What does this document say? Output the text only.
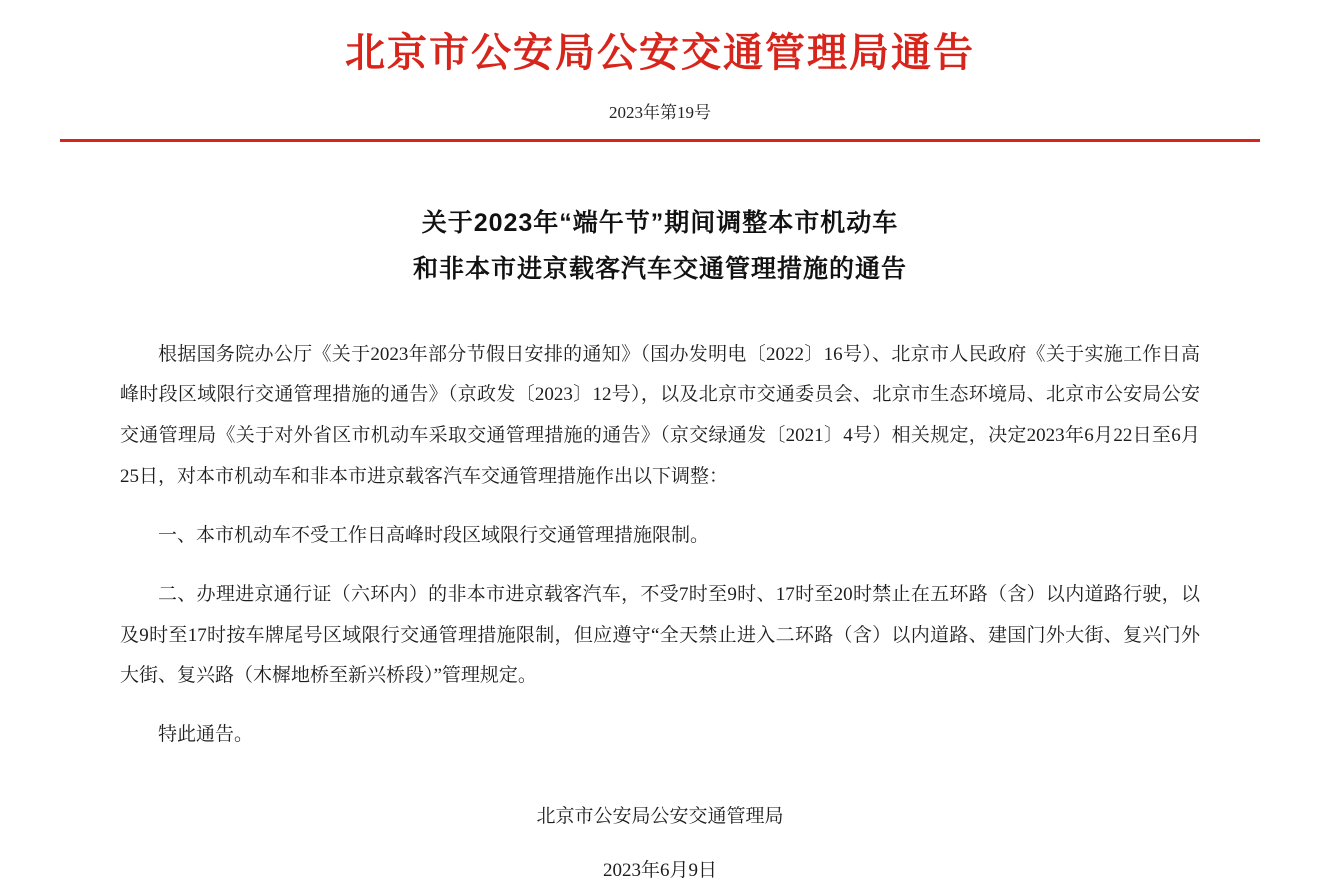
北京市公安局公安交通管理局通告
2023年第19号
关于2023年“端午节”期间调整本市机动车
和非本市进京载客汽车交通管理措施的通告

根据国务院办公厅《关于2023年部分节假日安排的通知》（国办发明电〔2022〕16号）、北京市人民政府《关于实施工作日高峰时段区域限行交通管理措施的通告》（京政发〔2023〕12号），以及北京市交通委员会、北京市生态环境局、北京市公安局公安交通管理局《关于对外省区市机动车采取交通管理措施的通告》（京交绿通发〔2021〕4号）相关规定，决定2023年6月22日至6月25日，对本市机动车和非本市进京载客汽车交通管理措施作出以下调整：

一、本市机动车不受工作日高峰时段区域限行交通管理措施限制。

二、办理进京通行证（六环内）的非本市进京载客汽车，不受7时至9时、17时至20时禁止在五环路（含）以内道路行驶，以及9时至17时按车牌尾号区域限行交通管理措施限制，但应遵守“全天禁止进入二环路（含）以内道路、建国门外大街、复兴门外大街、复兴路（木樨地桥至新兴桥段）”管理规定。

特此通告。

北京市公安局公安交通管理局
2023年6月9日
